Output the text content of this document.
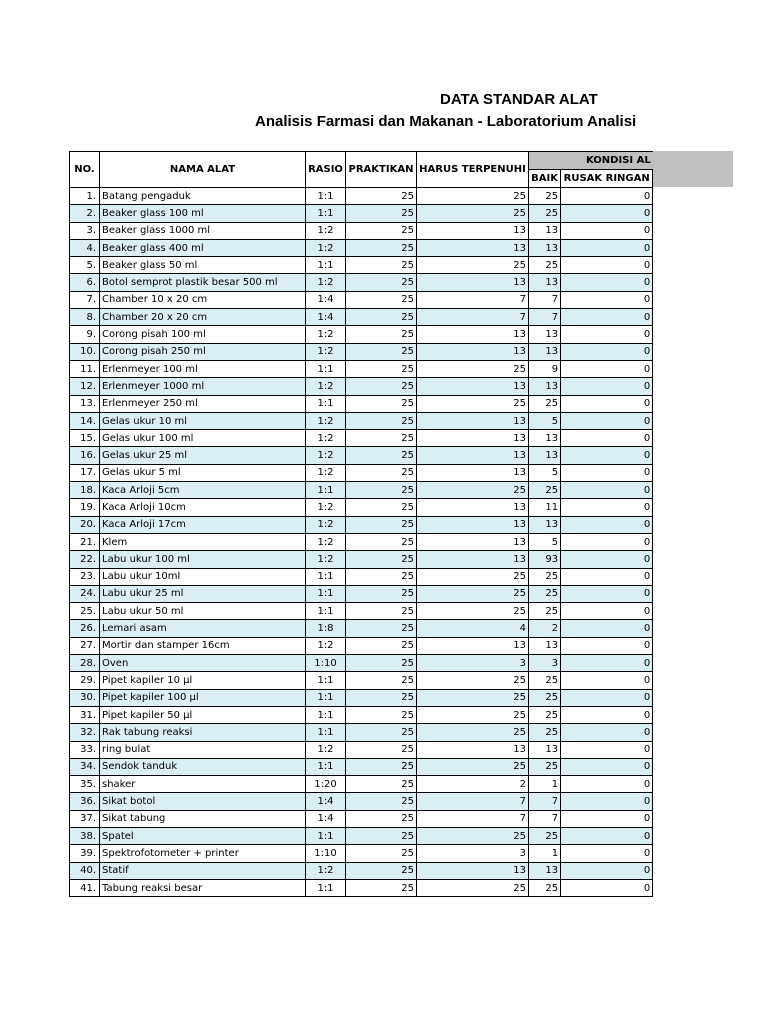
DATA STANDAR ALAT
Analisis Farmasi dan Makanan - Laboratorium Analisi
NO.	NAMA ALAT	RASIO	PRAKTIKAN	HARUS TERPENUHI	KONDISI AL	
					BAIK	RUSAK RINGAN
1.	Batang pengaduk	1:1	25	25	25	0
2.	Beaker glass 100 ml	1:1	25	25	25	0
3.	Beaker glass 1000 ml	1:2	25	13	13	0
4.	Beaker glass 400 ml	1:2	25	13	13	0
5.	Beaker glass 50 ml	1:1	25	25	25	0
6.	Botol semprot plastik besar 500 ml	1:2	25	13	13	0
7.	Chamber 10 x 20 cm	1:4	25	7	7	0
8.	Chamber 20 x 20 cm	1:4	25	7	7	0
9.	Corong pisah 100 ml	1:2	25	13	13	0
10.	Corong pisah 250 ml	1:2	25	13	13	0
11.	Erlenmeyer 100 ml	1:1	25	25	9	0
12.	Erlenmeyer 1000 ml	1:2	25	13	13	0
13.	Erlenmeyer 250 ml	1:1	25	25	25	0
14.	Gelas ukur 10 ml	1:2	25	13	5	0
15.	Gelas ukur 100 ml	1:2	25	13	13	0
16.	Gelas ukur 25 ml	1:2	25	13	13	0
17.	Gelas ukur 5 ml	1:2	25	13	5	0
18.	Kaca Arloji 5cm	1:1	25	25	25	0
19.	Kaca Arloji 10cm	1:2	25	13	11	0
20.	Kaca Arloji 17cm	1:2	25	13	13	0
21.	Klem	1:2	25	13	5	0
22.	Labu ukur 100 ml	1:2	25	13	93	0
23.	Labu ukur 10ml	1:1	25	25	25	0
24.	Labu ukur 25 ml	1:1	25	25	25	0
25.	Labu ukur 50 ml	1:1	25	25	25	0
26.	Lemari asam	1:8	25	4	2	0
27.	Mortir dan stamper 16cm	1:2	25	13	13	0
28.	Oven	1:10	25	3	3	0
29.	Pipet kapiler 10 µl	1:1	25	25	25	0
30.	Pipet kapiler 100 µl	1:1	25	25	25	0
31.	Pipet kapiler 50 µl	1:1	25	25	25	0
32.	Rak tabung reaksi	1:1	25	25	25	0
33.	ring bulat	1:2	25	13	13	0
34.	Sendok tanduk	1:1	25	25	25	0
35.	shaker	1:20	25	2	1	0
36.	Sikat botol	1:4	25	7	7	0
37.	Sikat tabung	1:4	25	7	7	0
38.	Spatel	1:1	25	25	25	0
39.	Spektrofotometer + printer	1:10	25	3	1	0
40.	Statif	1:2	25	13	13	0
41.	Tabung reaksi besar	1:1	25	25	25	0
